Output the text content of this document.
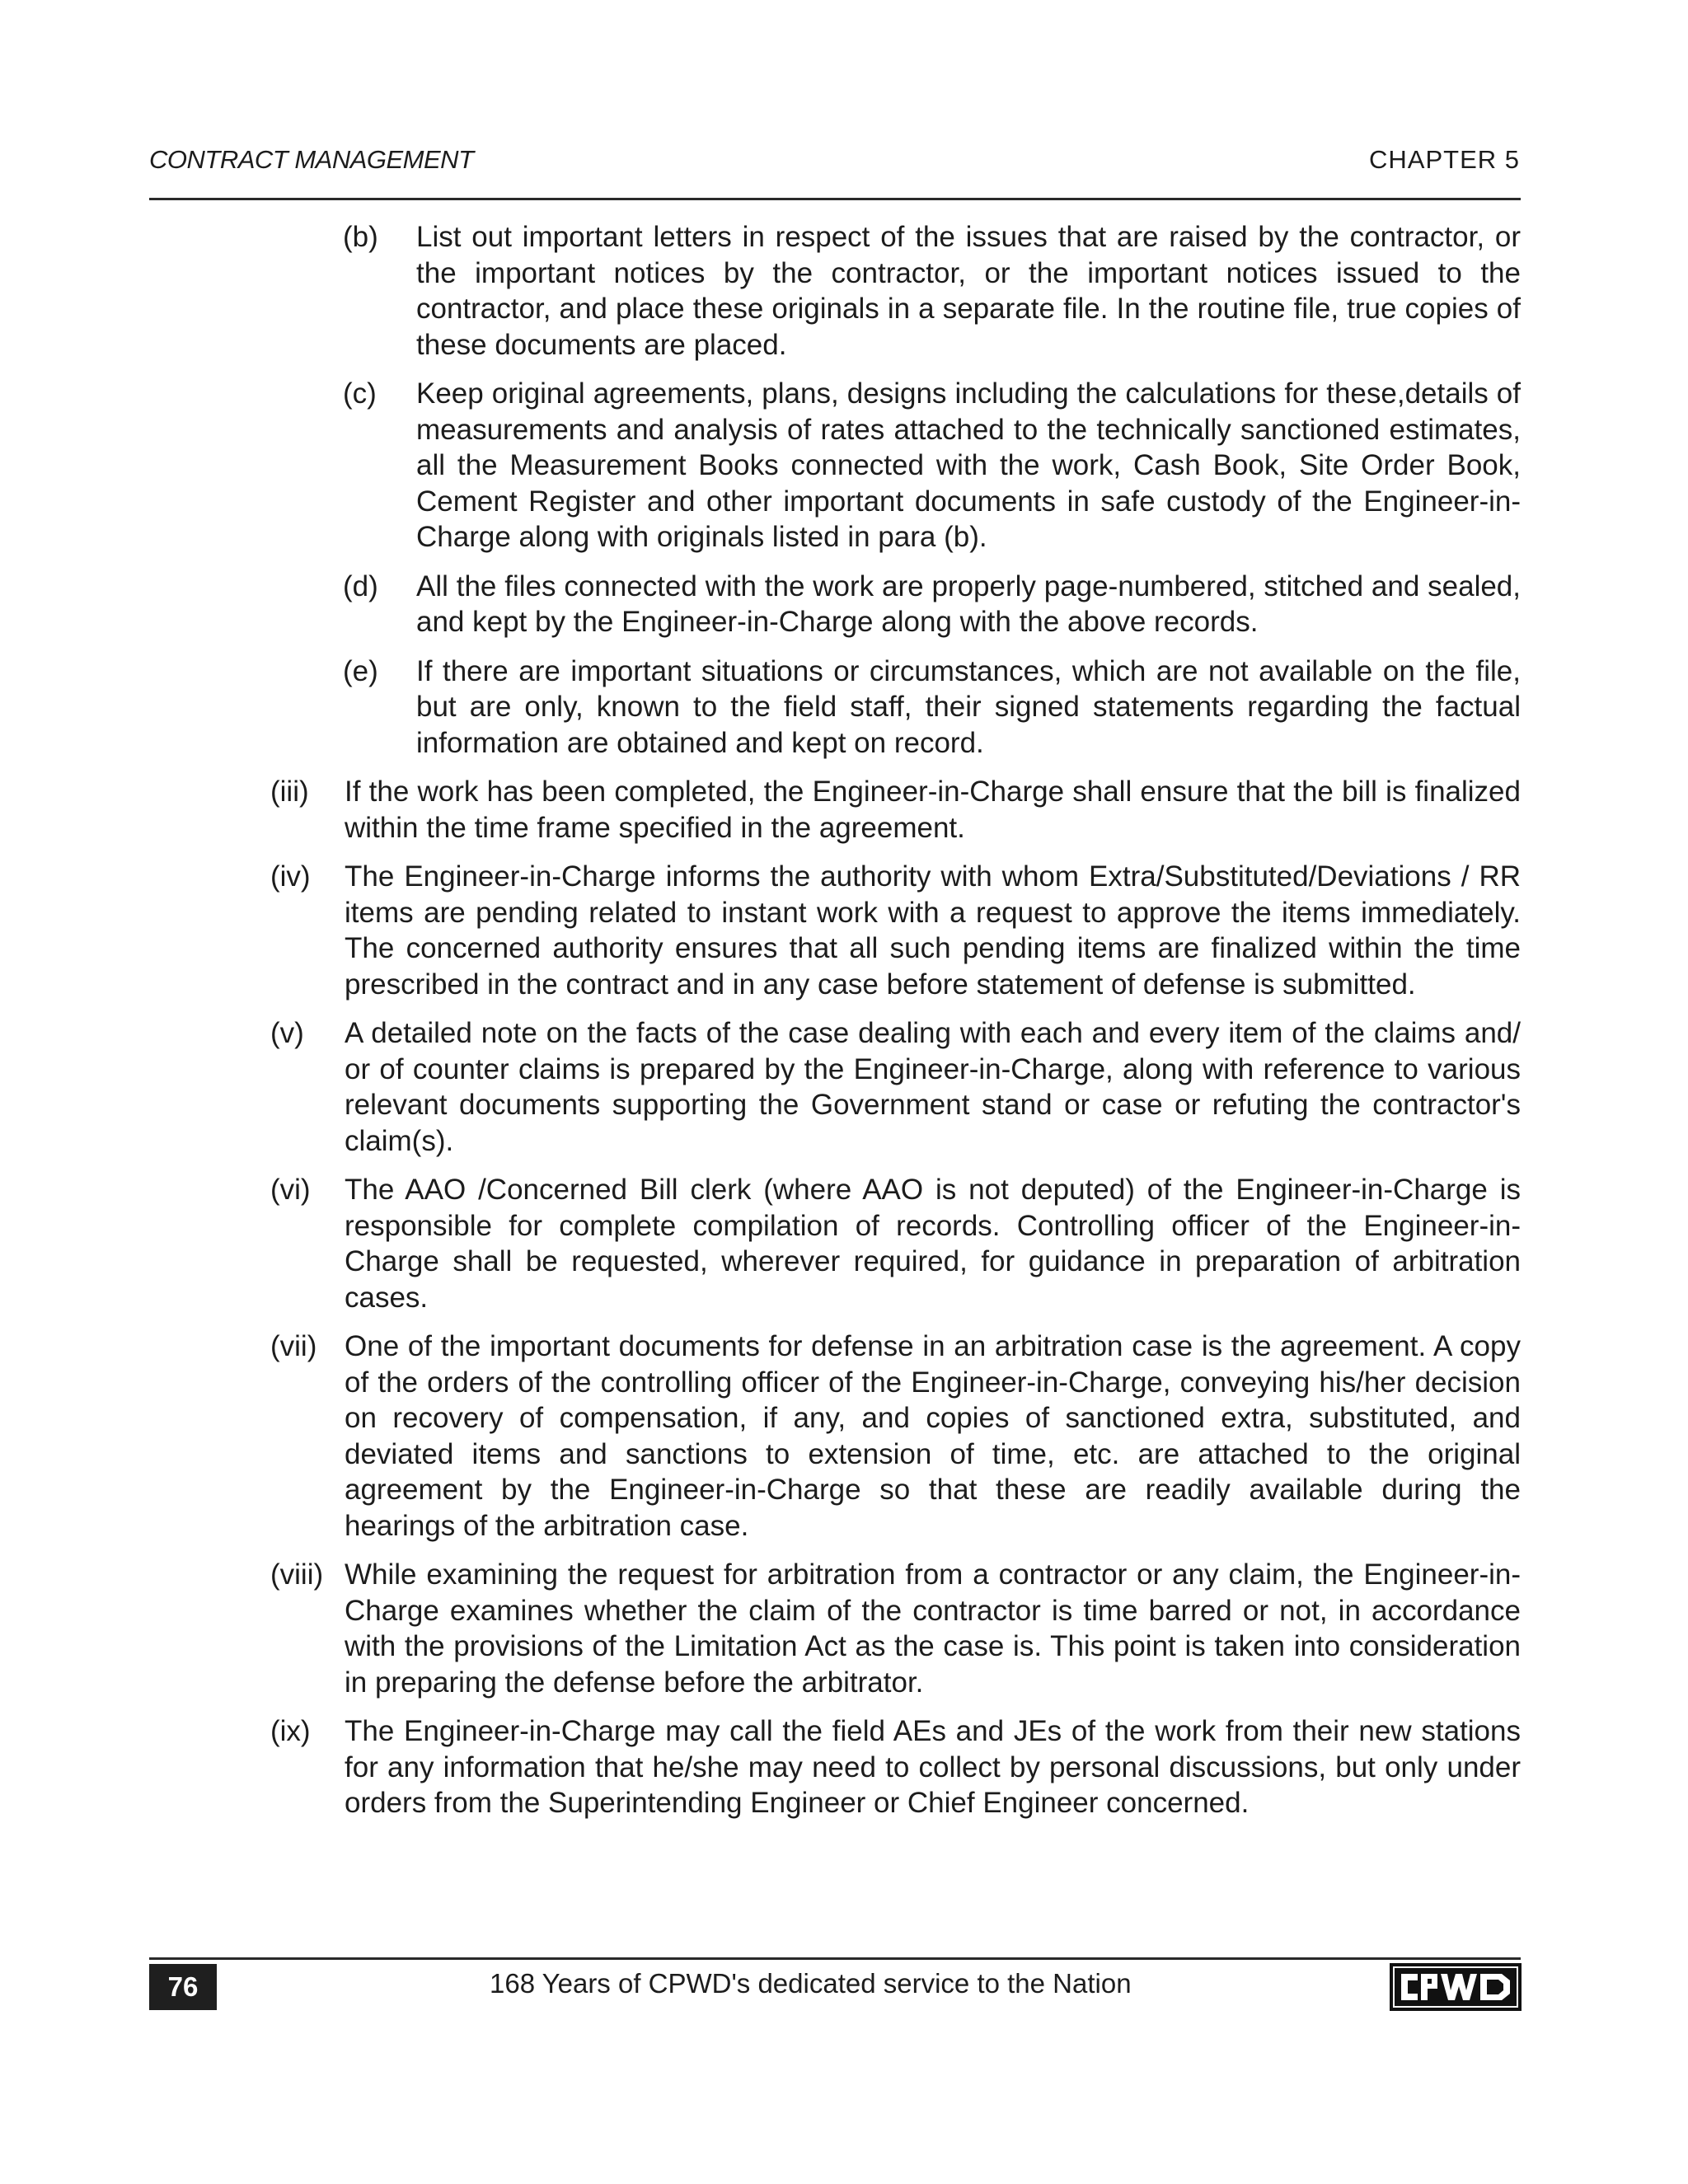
CONTRACT MANAGEMENT	CHAPTER 5
(b) List out important letters in respect of the issues that are raised by the contractor, or the important notices by the contractor, or the important notices issued to the contractor, and place these originals in a separate file. In the routine file, true copies of these documents are placed.
(c) Keep original agreements, plans, designs including the calculations for these,details of measurements and analysis of rates attached to the technically sanctioned estimates, all the Measurement Books connected with the work, Cash Book, Site Order Book, Cement Register and other important documents in safe custody of the Engineer-in-Charge along with originals listed in para (b).
(d) All the files connected with the work are properly page-numbered, stitched and sealed, and kept by the Engineer-in-Charge along with the above records.
(e) If there are important situations or circumstances, which are not available on the file, but are only, known to the field staff, their signed statements regarding the factual information are obtained and kept on record.
(iii) If the work has been completed, the Engineer-in-Charge shall ensure that the bill is finalized within the time frame specified in the agreement.
(iv) The Engineer-in-Charge informs the authority with whom Extra/Substituted/Deviations / RR items are pending related to instant work with a request to approve the items immediately. The concerned authority ensures that all such pending items are finalized within the time prescribed in the contract and in any case before statement of defense is submitted.
(v) A detailed note on the facts of the case dealing with each and every item of the claims and/ or of counter claims is prepared by the Engineer-in-Charge, along with reference to various relevant documents supporting the Government stand or case or refuting the contractor's claim(s).
(vi) The AAO /Concerned Bill clerk (where AAO is not deputed) of the Engineer-in-Charge is responsible for complete compilation of records. Controlling officer of the Engineer-in-Charge shall be requested, wherever required, for guidance in preparation of arbitration cases.
(vii) One of the important documents for defense in an arbitration case is the agreement. A copy of the orders of the controlling officer of the Engineer-in-Charge, conveying his/her decision on recovery of compensation, if any, and copies of sanctioned extra, substituted, and deviated items and sanctions to extension of time, etc. are attached to the original agreement by the Engineer-in-Charge so that these are readily available during the hearings of the arbitration case.
(viii) While examining the request for arbitration from a contractor or any claim, the Engineer-in-Charge examines whether the claim of the contractor is time barred or not, in accordance with the provisions of the Limitation Act as the case is. This point is taken into consideration in preparing the defense before the arbitrator.
(ix) The Engineer-in-Charge may call the field AEs and JEs of the work from their new stations for any information that he/she may need to collect by personal discussions, but only under orders from the Superintending Engineer or Chief Engineer concerned.
76	168 Years of CPWD's dedicated service to the Nation
